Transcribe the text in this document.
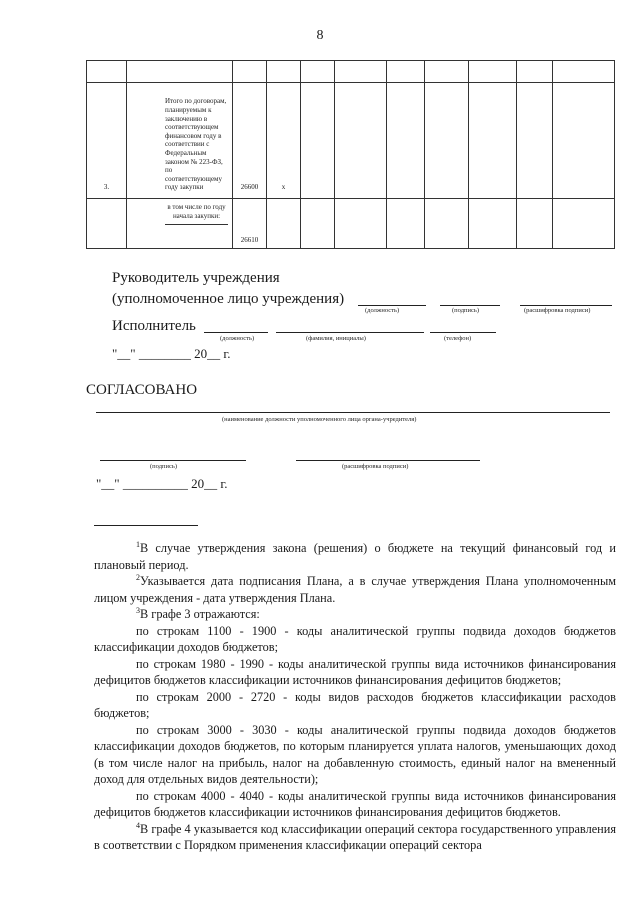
8

3.	Итого по договорам, планируемым к заключению в соответствующем финансовом году в соответствии с Федеральным законом № 223-ФЗ, по соответствующему году закупки	26600	х							

	в том числе по году начала закупки:	26610								
Руководитель учреждения
(уполномоченное лицо учреждения)
(должность)	(подпись)	(расшифровка подписи)
Исполнитель
(должность)	(фамилия, инициалы)	(телефон)
"__" ________ 20__ г.
СОГЛАСОВАНО
(наименование должности уполномоченного лица органа-учредителя)
(подпись)	(расшифровка подписи)
"__" __________ 20__ г.

$^1$В случае утверждения закона (решения) о бюджете на текущий финансовый год и плановый период.

$^2$Указывается дата подписания Плана, а в случае утверждения Плана уполномоченным лицом учреждения - дата утверждения Плана.

$^3$В графе 3 отражаются:

по строкам 1100 - 1900 - коды аналитической группы подвида доходов бюджетов классификации доходов бюджетов;

по строкам 1980 - 1990 - коды аналитической группы вида источников финансирования дефицитов бюджетов классификации источников финансирования дефицитов бюджетов;

по строкам 2000 - 2720 - коды видов расходов бюджетов классификации расходов бюджетов;

по строкам 3000 - 3030 - коды аналитической группы подвида доходов бюджетов классификации доходов бюджетов, по которым планируется уплата налогов, уменьшающих доход (в том числе налог на прибыль, налог на добавленную стоимость, единый налог на вмененный доход для отдельных видов деятельности);

по строкам 4000 - 4040 - коды аналитической группы вида источников финансирования дефицитов бюджетов классификации источников финансирования дефицитов бюджетов.

$^4$В графе 4 указывается код классификации операций сектора государственного управления в соответствии с Порядком применения классификации операций сектора
